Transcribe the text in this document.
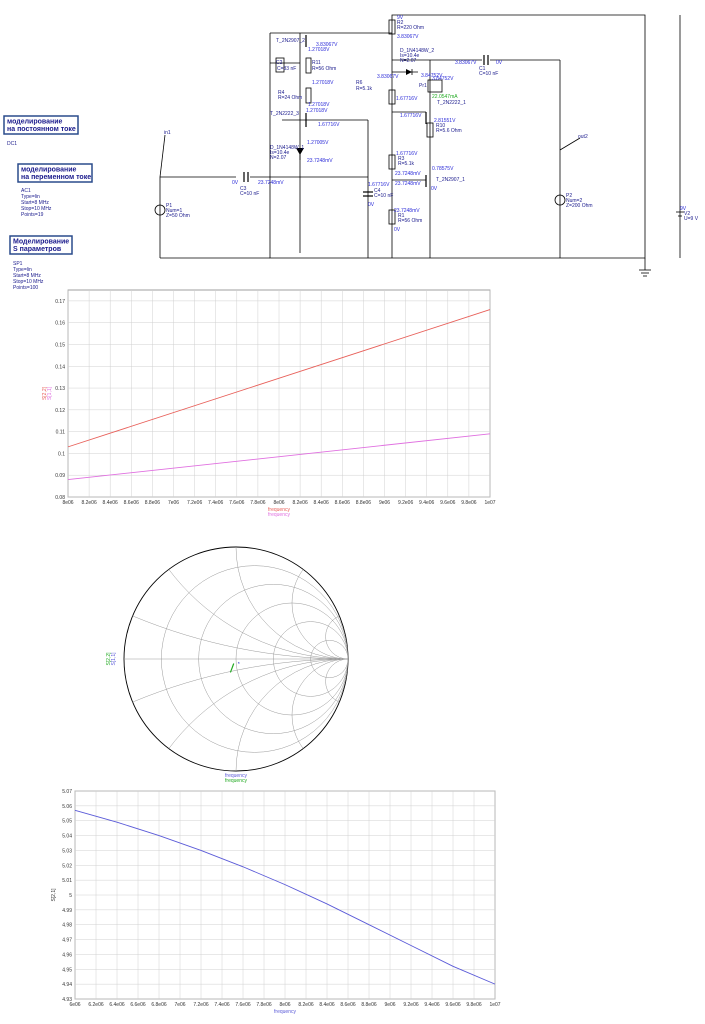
9V
R2
R=220 Ohm
3.83067V
T_2N2907_2
3.83067V
1.27018V
C2
C=33 nF
R11
R=56 Ohm
1.27018V
R4
R=24 Ohm
1.27018V
T_2N2222_3 1.27018V
1.67716V
D_1N4148W_1
Is=10.4e
N=2.07
1.27005V
23.7248mV
D_1N4148W_2
Is=10.4e
N=2.07	3.83067V	0V
C1
C=10 nF
3.83067V	3.84752V
3.84752V
R6
R=5.1k	Pr1
22.0547mA
T_2N2222_1
1.67716V
1.67716V
2.81551V
R10
R=5.6 Ohm
1.67716V
R3
R=5.1k
0.78575V
23.7248mV
T_2N2907_1
23.7248mV
0V
1.67716V
C4
C=10 nF
0V
23.7248mV
R1
R=56 Ohm
0V
0V	23.7248mV
C3
C=10 nF
in1
P1
Num=1
Z=50 Ohm
out2
P2
Num=2
Z=200 Ohm	9V
V2
U=9 V
моделирование
на постоянном токе
DC1
моделирование
на переменном токе
AC1
Type=lin
Start=8 MHz
Stop=10 MHz
Points=19
Моделирование
S параметров
SP1
Type=lin
Start=8 MHz
Stop=10 MHz
Points=100
8e06 8.2e06 8.4e06 8.6e06 8.8e06 7e06 7.2e06 7.4e06 7.6e06 7.8e06 8e06 8.2e06 8.4e06 8.6e06 8.8e06 9e06 9.2e06 9.4e06 9.6e06 9.8e06 1e07
0.08
0.09
0.1
0.11
0.12
0.13
0.14
0.15
0.16
0.17
S[2,2] S[1,1]
frequency
frequency
S[2,2] S[1,1]
frequency
frequency
6e06 6.2e06 6.4e06 6.6e06 6.8e06 7e06 7.2e06 7.4e06 7.6e06 7.8e06 8e06 8.2e06 8.4e06 8.6e06 8.8e06 9e06 9.2e06 9.4e06 9.6e06 9.8e06 1e07
4.93
4.94
4.95
4.96
4.97
4.98
4.99
5
5.01
5.02
5.03
5.04
5.05
5.06
5.07
S[2,1]
frequency
